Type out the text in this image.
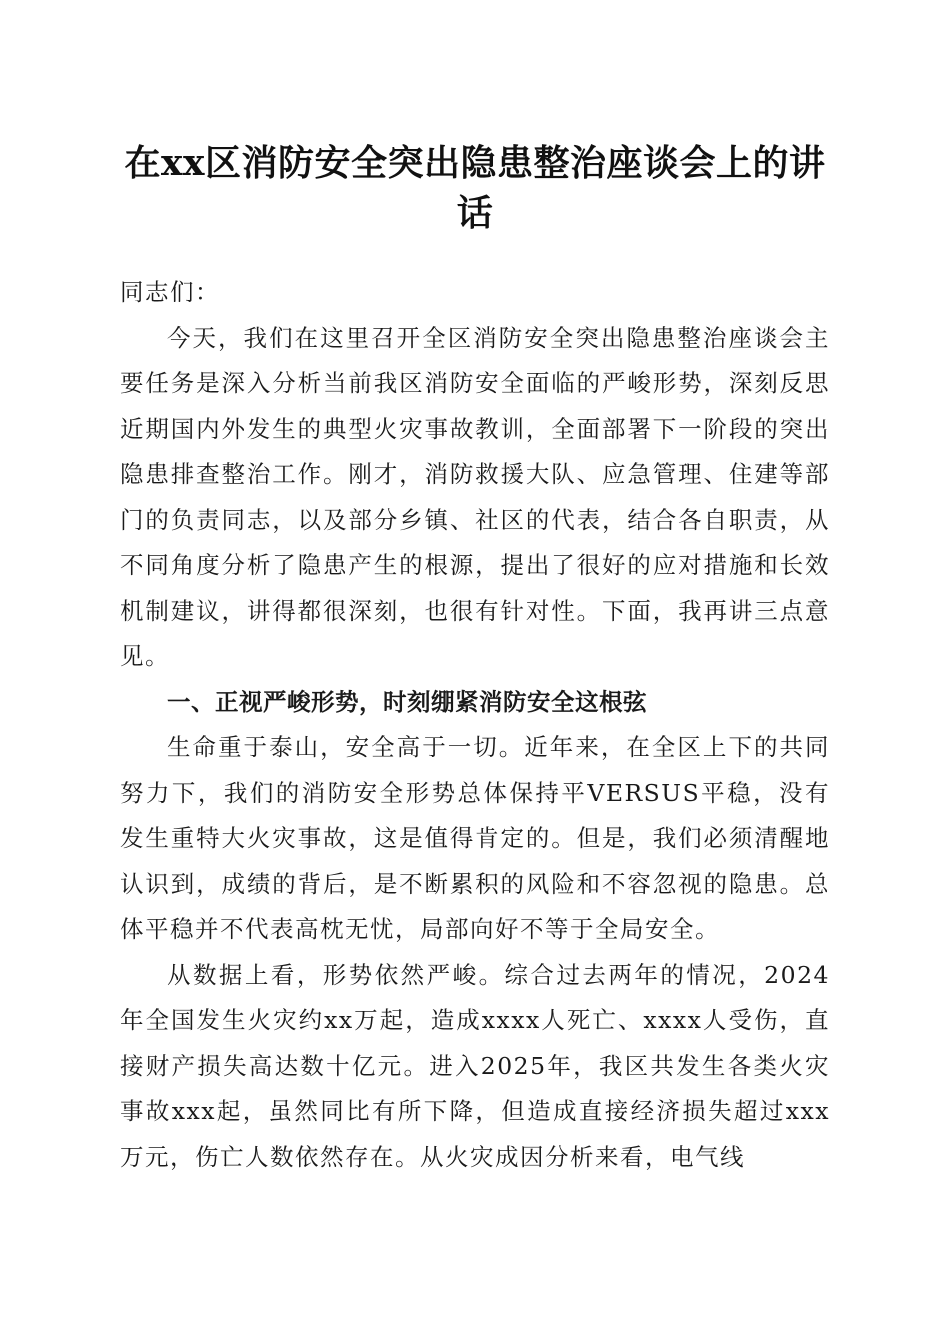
在xx区消防安全突出隐患整治座谈会上的讲话

同志们：

今天，我们在这里召开全区消防安全突出隐患整治座谈会主要任务是深入分析当前我区消防安全面临的严峻形势，深刻反思近期国内外发生的典型火灾事故教训，全面部署下一阶段的突出隐患排查整治工作。刚才，消防救援大队、应急管理、住建等部门的负责同志，以及部分乡镇、社区的代表，结合各自职责，从不同角度分析了隐患产生的根源，提出了很好的应对措施和长效机制建议，讲得都很深刻，也很有针对性。下面，我再讲三点意见。

一、正视严峻形势，时刻绷紧消防安全这根弦

生命重于泰山，安全高于一切。近年来，在全区上下的共同努力下，我们的消防安全形势总体保持平VERSUS平稳，没有发生重特大火灾事故，这是值得肯定的。但是，我们必须清醒地认识到，成绩的背后，是不断累积的风险和不容忽视的隐患。总体平稳并不代表高枕无忧，局部向好不等于全局安全。

从数据上看，形势依然严峻。综合过去两年的情况，2024年全国发生火灾约xx万起，造成xxxx人死亡、xxxx人受伤，直接财产损失高达数十亿元。进入2025年，我区共发生各类火灾事故xxx起，虽然同比有所下降，但造成直接经济损失超过xxx万元，伤亡人数依然存在。从火灾成因分析来看，电气线
